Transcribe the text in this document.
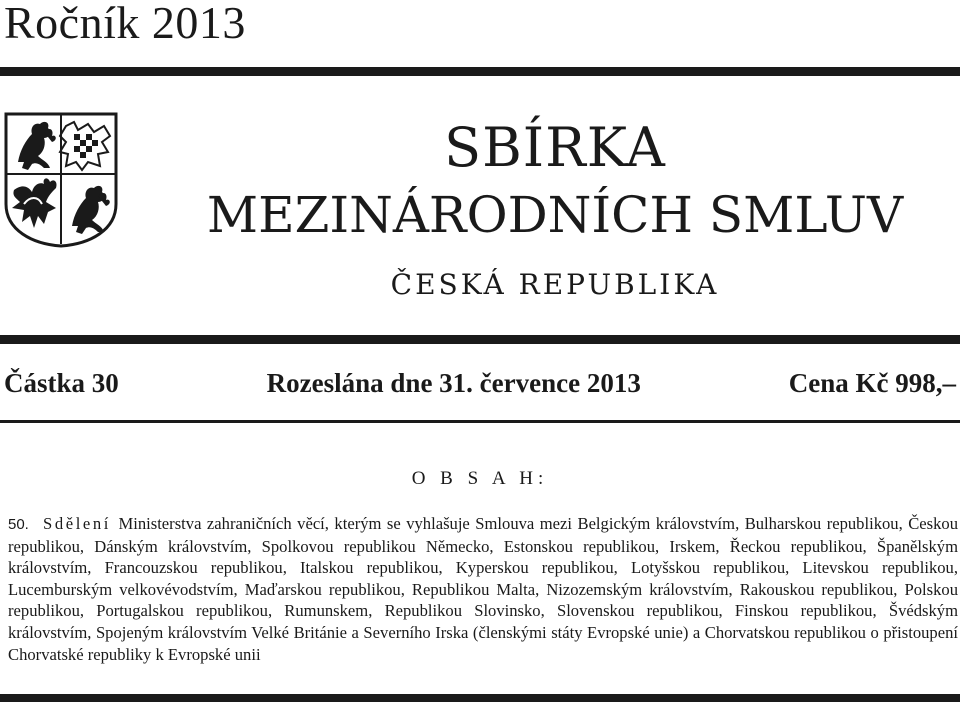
Ročník 2013
SBÍRKA
MEZINÁRODNÍCH SMLUV
ČESKÁ REPUBLIKA
Částka 30	Rozeslána dne 31. července 2013	Cena Kč 998,–
O B S A H:
50. Sdělení Ministerstva zahraničních věcí, kterým se vyhlašuje Smlouva mezi Belgickým královstvím, Bulharskou republikou, Českou republikou, Dánským královstvím, Spolkovou republikou Německo, Estonskou republikou, Irskem, Řeckou republikou, Španělským královstvím, Francouzskou republikou, Italskou republikou, Kyperskou republikou, Lotyšskou republikou, Litevskou republikou, Lucemburským velkovévodstvím, Maďarskou republikou, Republikou Malta, Nizozemským královstvím, Rakouskou republikou, Polskou republikou, Portugalskou republikou, Rumunskem, Republikou Slovinsko, Slovenskou republikou, Finskou republikou, Švédským královstvím, Spojeným královstvím Velké Británie a Severního Irska (členskými státy Evropské unie) a Chorvatskou republikou o přistoupení Chorvatské republiky k Evropské unii
